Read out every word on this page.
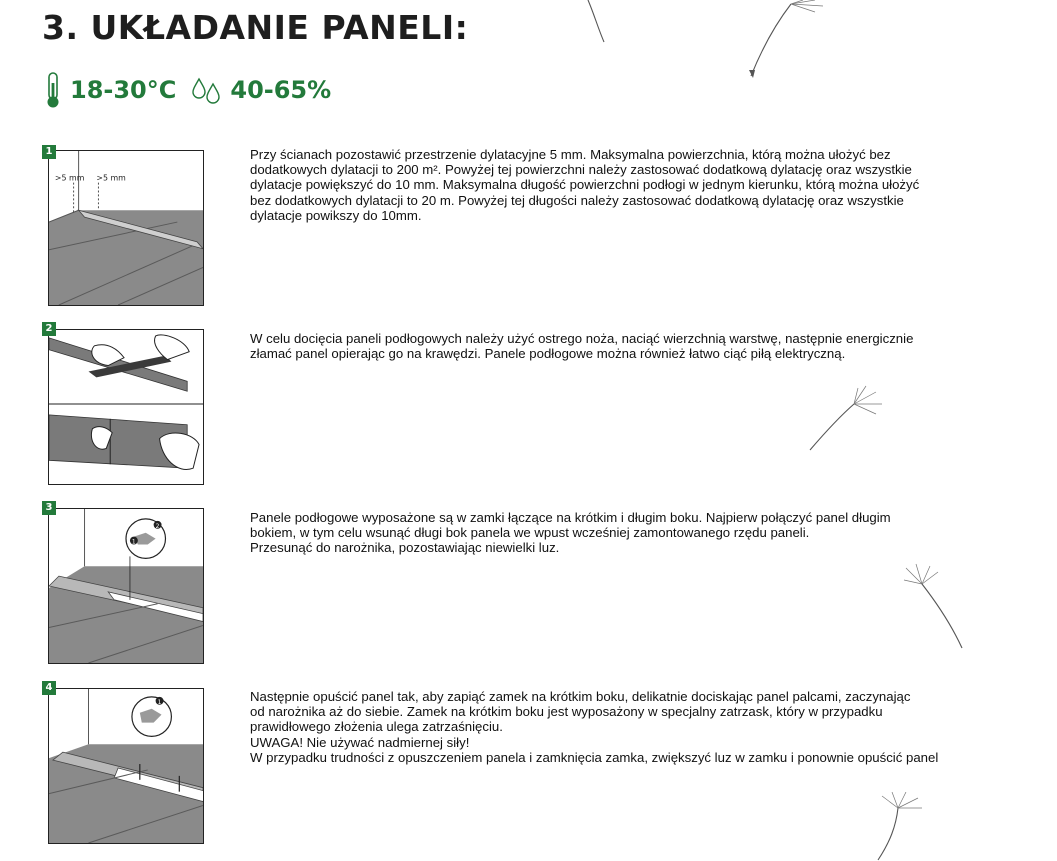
3. UKŁADANIE PANELI:
18-30°C 40-65%
1
>5 mm >5 mm

Przy ścianach pozostawić przestrzenie dylatacyjne 5 mm. Maksymalna powierzchnia, którą można ułożyć bez
dodatkowych dylatacji to 200 m². Powyżej tej powierzchni należy zastosować dodatkową dylatację oraz wszystkie
dylatacje powiększyć do 10 mm. Maksymalna długość powierzchni podłogi w jednym kierunku, którą można ułożyć
bez dodatkowych dylatacji to 20 m. Powyżej tej długości należy zastosować dodatkową dylatację oraz wszystkie
dylatacje powikszy do 10mm.

2

W celu docięcia paneli podłogowych należy użyć ostrego noża, naciąć wierzchnią warstwę, następnie energicznie
złamać panel opierając go na krawędzi. Panele podłogowe można również łatwo ciąć piłą elektryczną.

3
1
2

Panele podłogowe wyposażone są w zamki łączące na krótkim i długim boku. Najpierw połączyć panel długim
bokiem, w tym celu wsunąć długi bok panela we wpust wcześniej zamontowanego rzędu paneli.
Przesunąć do narożnika, pozostawiając niewielki luz.

4
1	Następnie opuścić panel tak, aby zapiąć zamek na krótkim boku, delikatnie dociskając panel palcami, zaczynając
od narożnika aż do siebie. Zamek na krótkim boku jest wyposażony w specjalny zatrzask, który w przypadku
prawidłowego złożenia ulega zatrzaśnięciu.
UWAGA! Nie używać nadmiernej siły!
W przypadku trudności z opuszczeniem panela i zamknięcia zamka, zwiększyć luz w zamku i ponownie opuścić panel
